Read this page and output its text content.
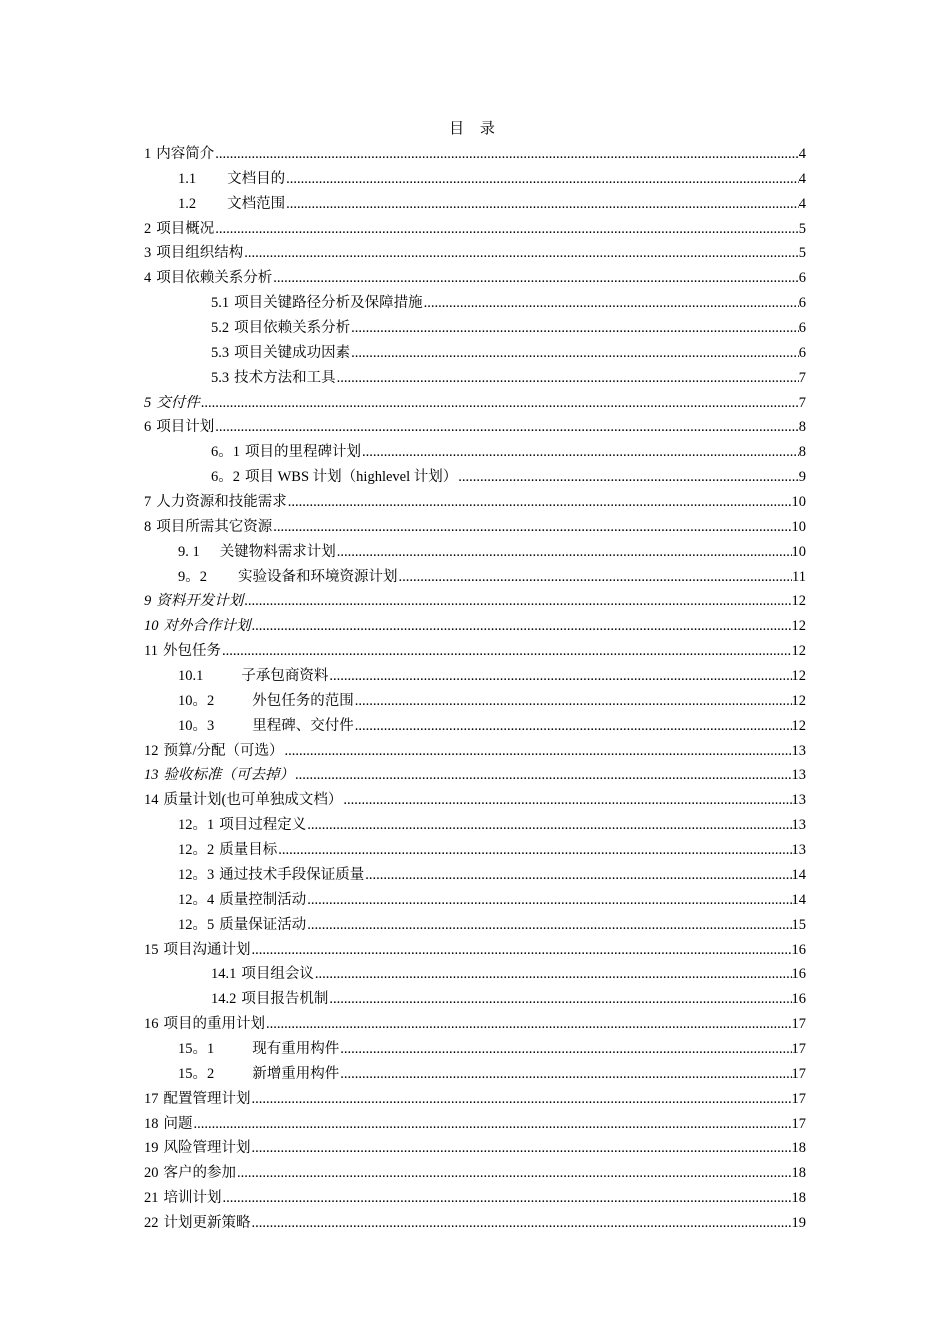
目 录
1 内容简介 .....	4
1.1 文档目的 .....	4
1.2 文档范围 .....	4
2 项目概况 .....	5
3 项目组织结构 .....	5
4 项目依赖关系分析 .....	6
5.1 项目关键路径分析及保障措施 .....	6
5.2 项目依赖关系分析 .....	6
5.3 项目关键成功因素 .....	6
5.3 技术方法和工具 .....	7
5 交付件 .....	7
6 项目计划 .....	8
6。1 项目的里程碑计划 .....	8
6。2 项目 WBS 计划（highlevel 计划） .....	9
7 人力资源和技能需求 .....	10
8 项目所需其它资源 .....	10
9. 1 关键物料需求计划 .....	10
9。2 实验设备和环境资源计划 .....	11
9 资料开发计划 .....	12
10 对外合作计划 .....	12
11 外包任务 .....	12
10.1	子承包商资料 .....	12
10。2	外包任务的范围 .....	12
10。3	里程碑、交付件 .....	12
12 预算/分配（可选） .....	13
13 验收标准（可去掉） .....	13
14 质量计划(也可单独成文档） .....	13
12。1 项目过程定义 .....	13
12。2 质量目标 .....	13
12。3 通过技术手段保证质量 .....	14
12。4 质量控制活动 .....	14
12。5 质量保证活动 .....	15
15 项目沟通计划 .....	16
14.1 项目组会议 .....	16
14.2 项目报告机制 .....	16
16 项目的重用计划 .....	17
15。1	现有重用构件 .....	17
15。2	新增重用构件 .....	17
17 配置管理计划 .....	17
18 问题 .....	17
19 风险管理计划 .....	18
20 客户的参加 .....	18
21 培训计划 .....	18
22 计划更新策略 .....	19
